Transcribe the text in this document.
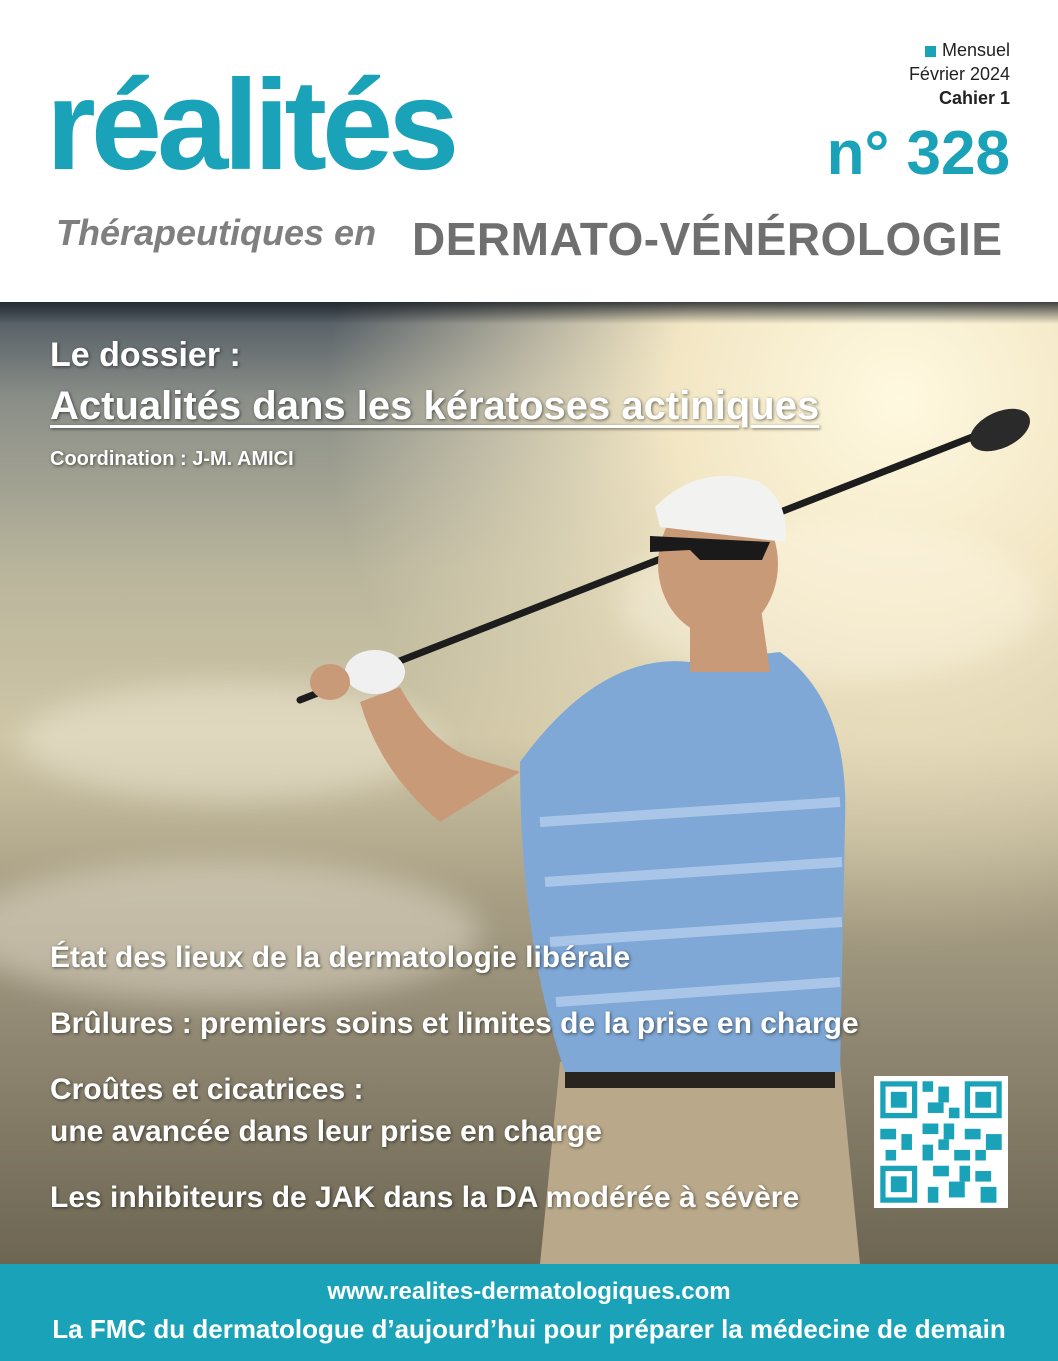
réalités
Thérapeutiques en DERMATO-VÉNÉROLOGIE
Mensuel
Février 2024
Cahier 1
n° 328
Le dossier :
Actualités dans les kératoses actiniques
Coordination : J-M. AMICI
État des lieux de la dermatologie libérale
Brûlures : premiers soins et limites de la prise en charge
Croûtes et cicatrices :
une avancée dans leur prise en charge
Les inhibiteurs de JAK dans la DA modérée à sévère
www.realites-dermatologiques.com
La FMC du dermatologue d’aujourd’hui pour préparer la médecine de demain
